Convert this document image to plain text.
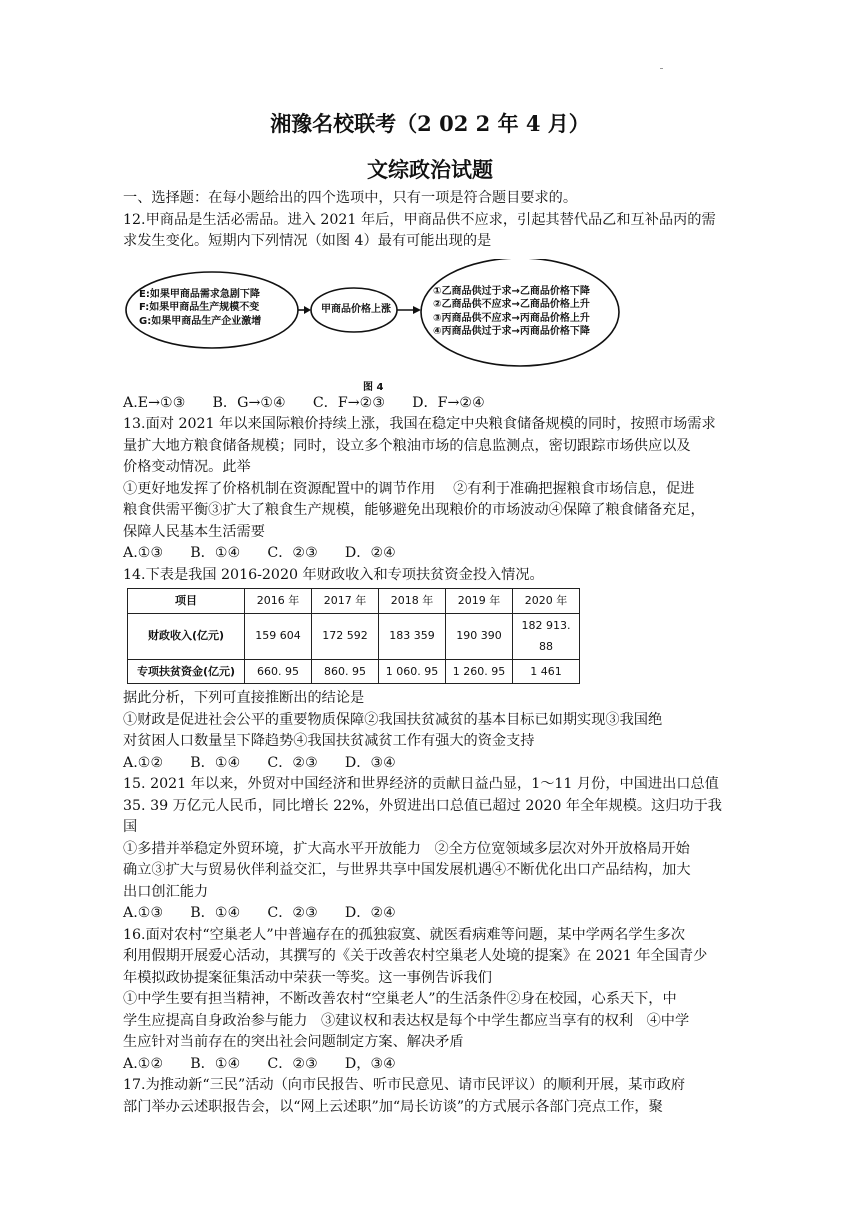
湘豫名校联考（2 02 2 年 4 月）
文综政治试题

一、选择题：在每小题给出的四个选项中，只有一项是符合题目要求的。

12.甲商品是生活必需品。进入 2021 年后，甲商品供不应求，引起其替代品乙和互补品丙的需

求发生变化。短期内下列情况（如图 4）最有可能出现的是

E:如果甲商品需求急剧下降
F:如果甲商品生产规模不变
G:如果甲商品生产企业激增
甲商品价格上涨
①乙商品供过于求→乙商品价格下降
②乙商品供不应求→乙商品价格上升
③丙商品供不应求→丙商品价格上升
④丙商品供过于求→丙商品价格下降
图 4

A.E→①③      B．G→①④      C．F→②③      D．F→②④

13.面对 2021 年以来国际粮价持续上涨，我国在稳定中央粮食储备规模的同时，按照市场需求

量扩大地方粮食储备规模；同时，设立多个粮油市场的信息监测点，密切跟踪市场供应以及

价格变动情况。此举

①更好地发挥了价格机制在资源配置中的调节作用    ②有利于准确把握粮食市场信息，促进

粮食供需平衡③扩大了粮食生产规模，能够避免出现粮价的市场波动④保障了粮食储备充足，

保障人民基本生活需要

A.①③      B．①④      C．②③      D．②④

14.下表是我国 2016-2020 年财政收入和专项扶贫资金投入情况。

项目	2016 年	2017 年	2018 年	2019 年	2020 年
财政收入(亿元)	159 604	172 592	183 359	190 390	182 913. 88
专项扶贫资金(亿元)	660. 95	860. 95	1 060. 95	1 260. 95	1 461

据此分析，下列可直接推断出的结论是

①财政是促进社会公平的重要物质保障②我国扶贫减贫的基本目标已如期实现③我国绝

对贫困人口数量呈下降趋势④我国扶贫减贫工作有强大的资金支持

A.①②      B．①④      C．②③      D．③④

15. 2021 年以来，外贸对中国经济和世界经济的贡献日益凸显，1～11 月份，中国进出口总值

35. 39 万亿元人民币，同比增长 22%，外贸进出口总值已超过 2020 年全年规模。这归功于我

国

①多措并举稳定外贸环境，扩大高水平开放能力   ②全方位宽领域多层次对外开放格局开始

确立③扩大与贸易伙伴利益交汇，与世界共享中国发展机遇④不断优化出口产品结构，加大

出口创汇能力

A.①③      B．①④      C．②③      D．②④

16.面对农村“空巢老人”中普遍存在的孤独寂寞、就医看病难等问题，某中学两名学生多次

利用假期开展爱心活动，其撰写的《关于改善农村空巢老人处境的提案》在 2021 年全国青少

年模拟政协提案征集活动中荣获一等奖。这一事例告诉我们

①中学生要有担当精神，不断改善农村“空巢老人”的生活条件②身在校园，心系天下，中

学生应提高自身政治参与能力   ③建议权和表达权是每个中学生都应当享有的权利   ④中学

生应针对当前存在的突出社会问题制定方案、解决矛盾

A.①②      B．①④      C．②③      D，③④

17.为推动新“三民”活动（向市民报告、听市民意见、请市民评议）的顺利开展，某市政府

部门举办云述职报告会，以“网上云述职”加“局长访谈”的方式展示各部门亮点工作，聚
